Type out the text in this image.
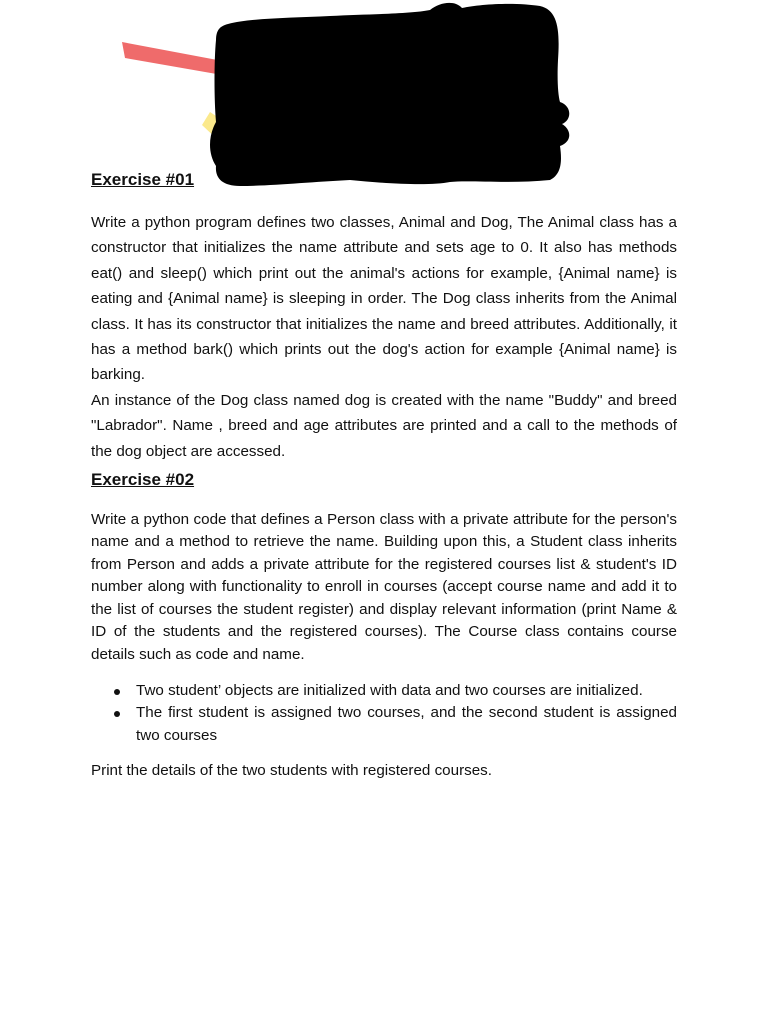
Exercise #01

Write a python program defines two classes, Animal and Dog, The Animal class has a constructor that initializes the name attribute and sets age to 0. It also has methods eat() and sleep() which print out the animal's actions for example, {Animal name} is eating and {Animal name} is sleeping in order. The Dog class inherits from the Animal class. It has its constructor that initializes the name and breed attributes. Additionally, it has a method bark() which prints out the dog's action for example {Animal name} is barking.

An instance of the Dog class named dog is created with the name "Buddy" and breed "Labrador". Name , breed and age attributes are printed and a call to the methods of the dog object are accessed.

Exercise #02

Write a python code that defines a Person class with a private attribute for the person's name and a method to retrieve the name. Building upon this, a Student class inherits from Person and adds a private attribute for the registered courses list & student's ID number along with functionality to enroll in courses (accept course name and add it to the list of courses the student register) and display relevant information (print Name & ID of the students and the registered courses). The Course class contains course details such as code and name.

Two student’ objects are initialized with data and two courses are initialized.
The first student is assigned two courses, and the second student is assigned two courses

Print the details of the two students with registered courses.
